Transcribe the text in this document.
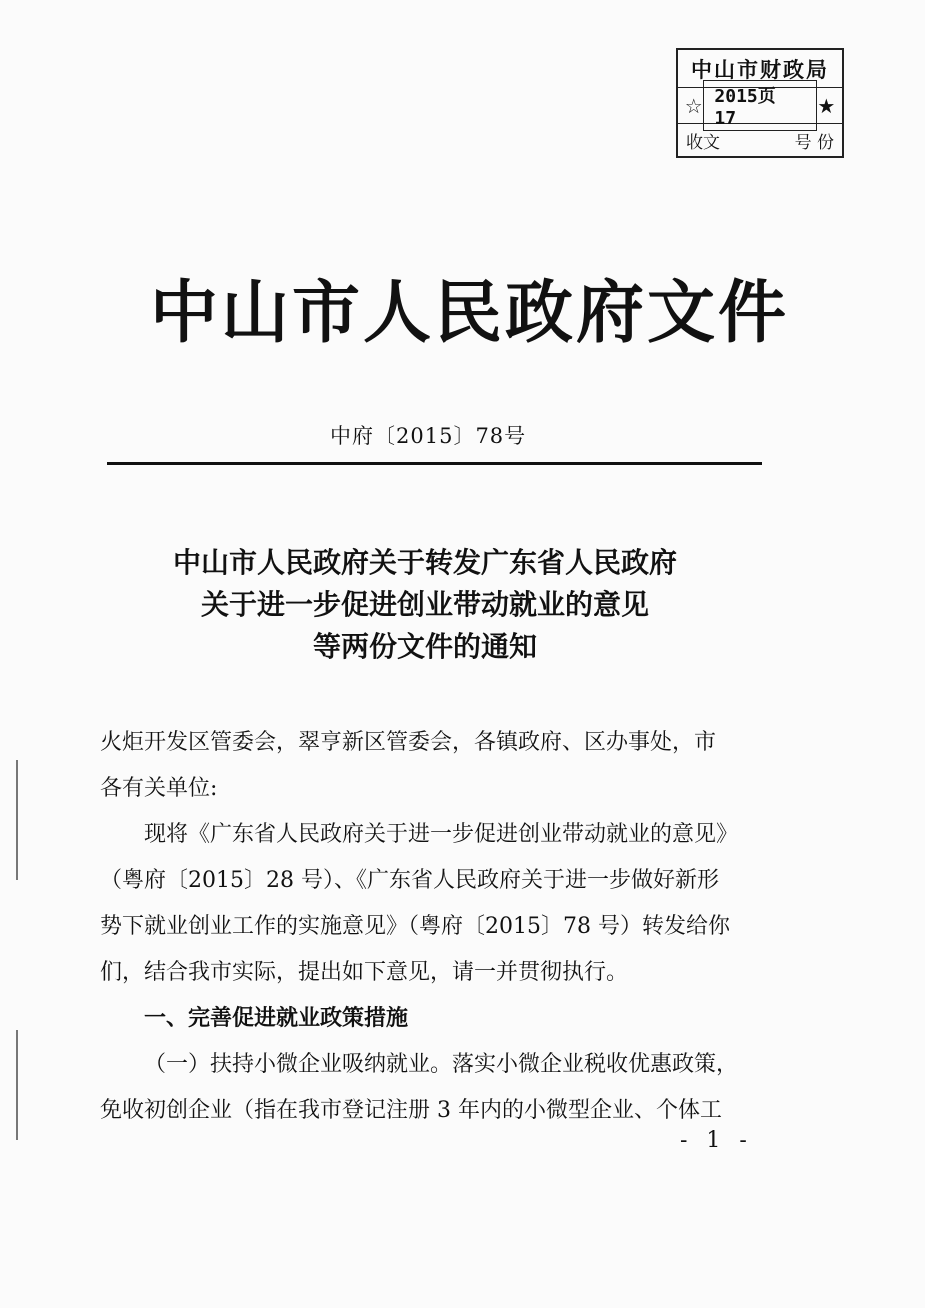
中山市财政局
☆ 2015页 17
★
收文	号 份
中山市人民政府文件
中府〔2015〕78号
中山市人民政府关于转发广东省人民政府
关于进一步促进创业带动就业的意见
等两份文件的通知
火炬开发区管委会，翠亨新区管委会，各镇政府、区办事处，市
各有关单位:
现将《广东省人民政府关于进一步促进创业带动就业的意见》
（粤府〔2015〕28 号）、《广东省人民政府关于进一步做好新形
势下就业创业工作的实施意见》（粤府〔2015〕78 号）转发给你
们，结合我市实际，提出如下意见，请一并贯彻执行。
一、完善促进就业政策措施
（一）扶持小微企业吸纳就业。落实小微企业税收优惠政策，
免收初创企业（指在我市登记注册 3 年内的小微型企业、个体工
- 1 -
